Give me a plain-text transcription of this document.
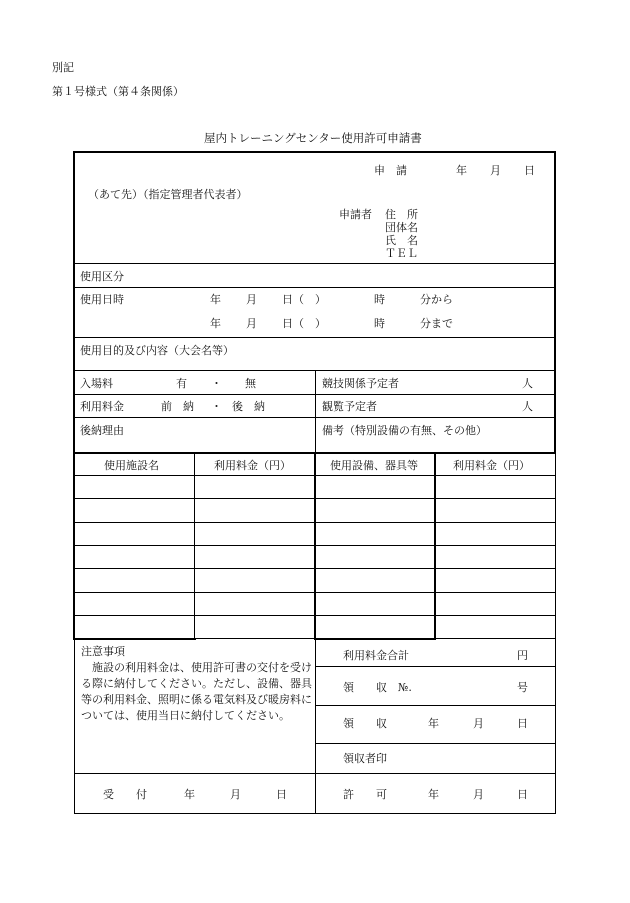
別記
第１号様式（第４条関係）
屋内トレーニングセンター使用許可申請書
申　請	年 月 日
（あて先）（指定管理者代表者）
申請者 住　所
団体名
氏　名
ＴＥＬ
使用区分
使用日時	年 月 日（　）	時	分から
年 月 日（　）	時	分まで
使用目的及び内容（大会名等）
入場料	有 ・ 無	競技関係予定者	人
利用料金	前　納 ・ 後　納	観覧予定者	人
後納理由	備考（特別設備の有無、その他）
使用施設名	利用料金（円）	使用設備、器具等	利用料金（円）
注意事項
施設の利用料金は、使用許可書の交付を受ける際に納付してください。ただし、設備、器具等の利用料金、照明に係る電気料及び暖房料については、使用当日に納付してください。
利用料金合計	円
領　　収　№.	号
領　　収	年	月	日
領収者印
受　　付	年	月	日	許　　可	年	月	日
